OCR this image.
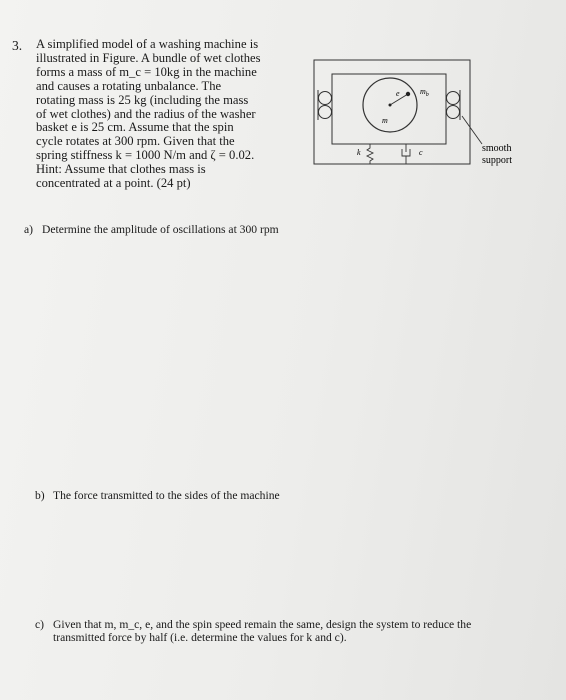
3. A simplified model of a washing machine is

illustrated in Figure. A bundle of wet clothes

forms a mass of m_c = 10kg in the machine

and causes a rotating unbalance. The

rotating mass is 25 kg (including the mass

of wet clothes) and the radius of the washer

basket e is 25 cm. Assume that the spin

cycle rotates at 300 rpm. Given that the

spring stiffness k = 1000 N/m and ζ = 0.02.

Hint: Assume that clothes mass is

concentrated at a point. (24 pt)

e
m
$m_b$
k	c	smooth
support
a) Determine the amplitude of oscillations at 300 rpm
b) The force transmitted to the sides of the machine
c) Given that m, m_c, e, and the spin speed remain the same, design the system to reduce the
transmitted force by half (i.e. determine the values for k and c).
